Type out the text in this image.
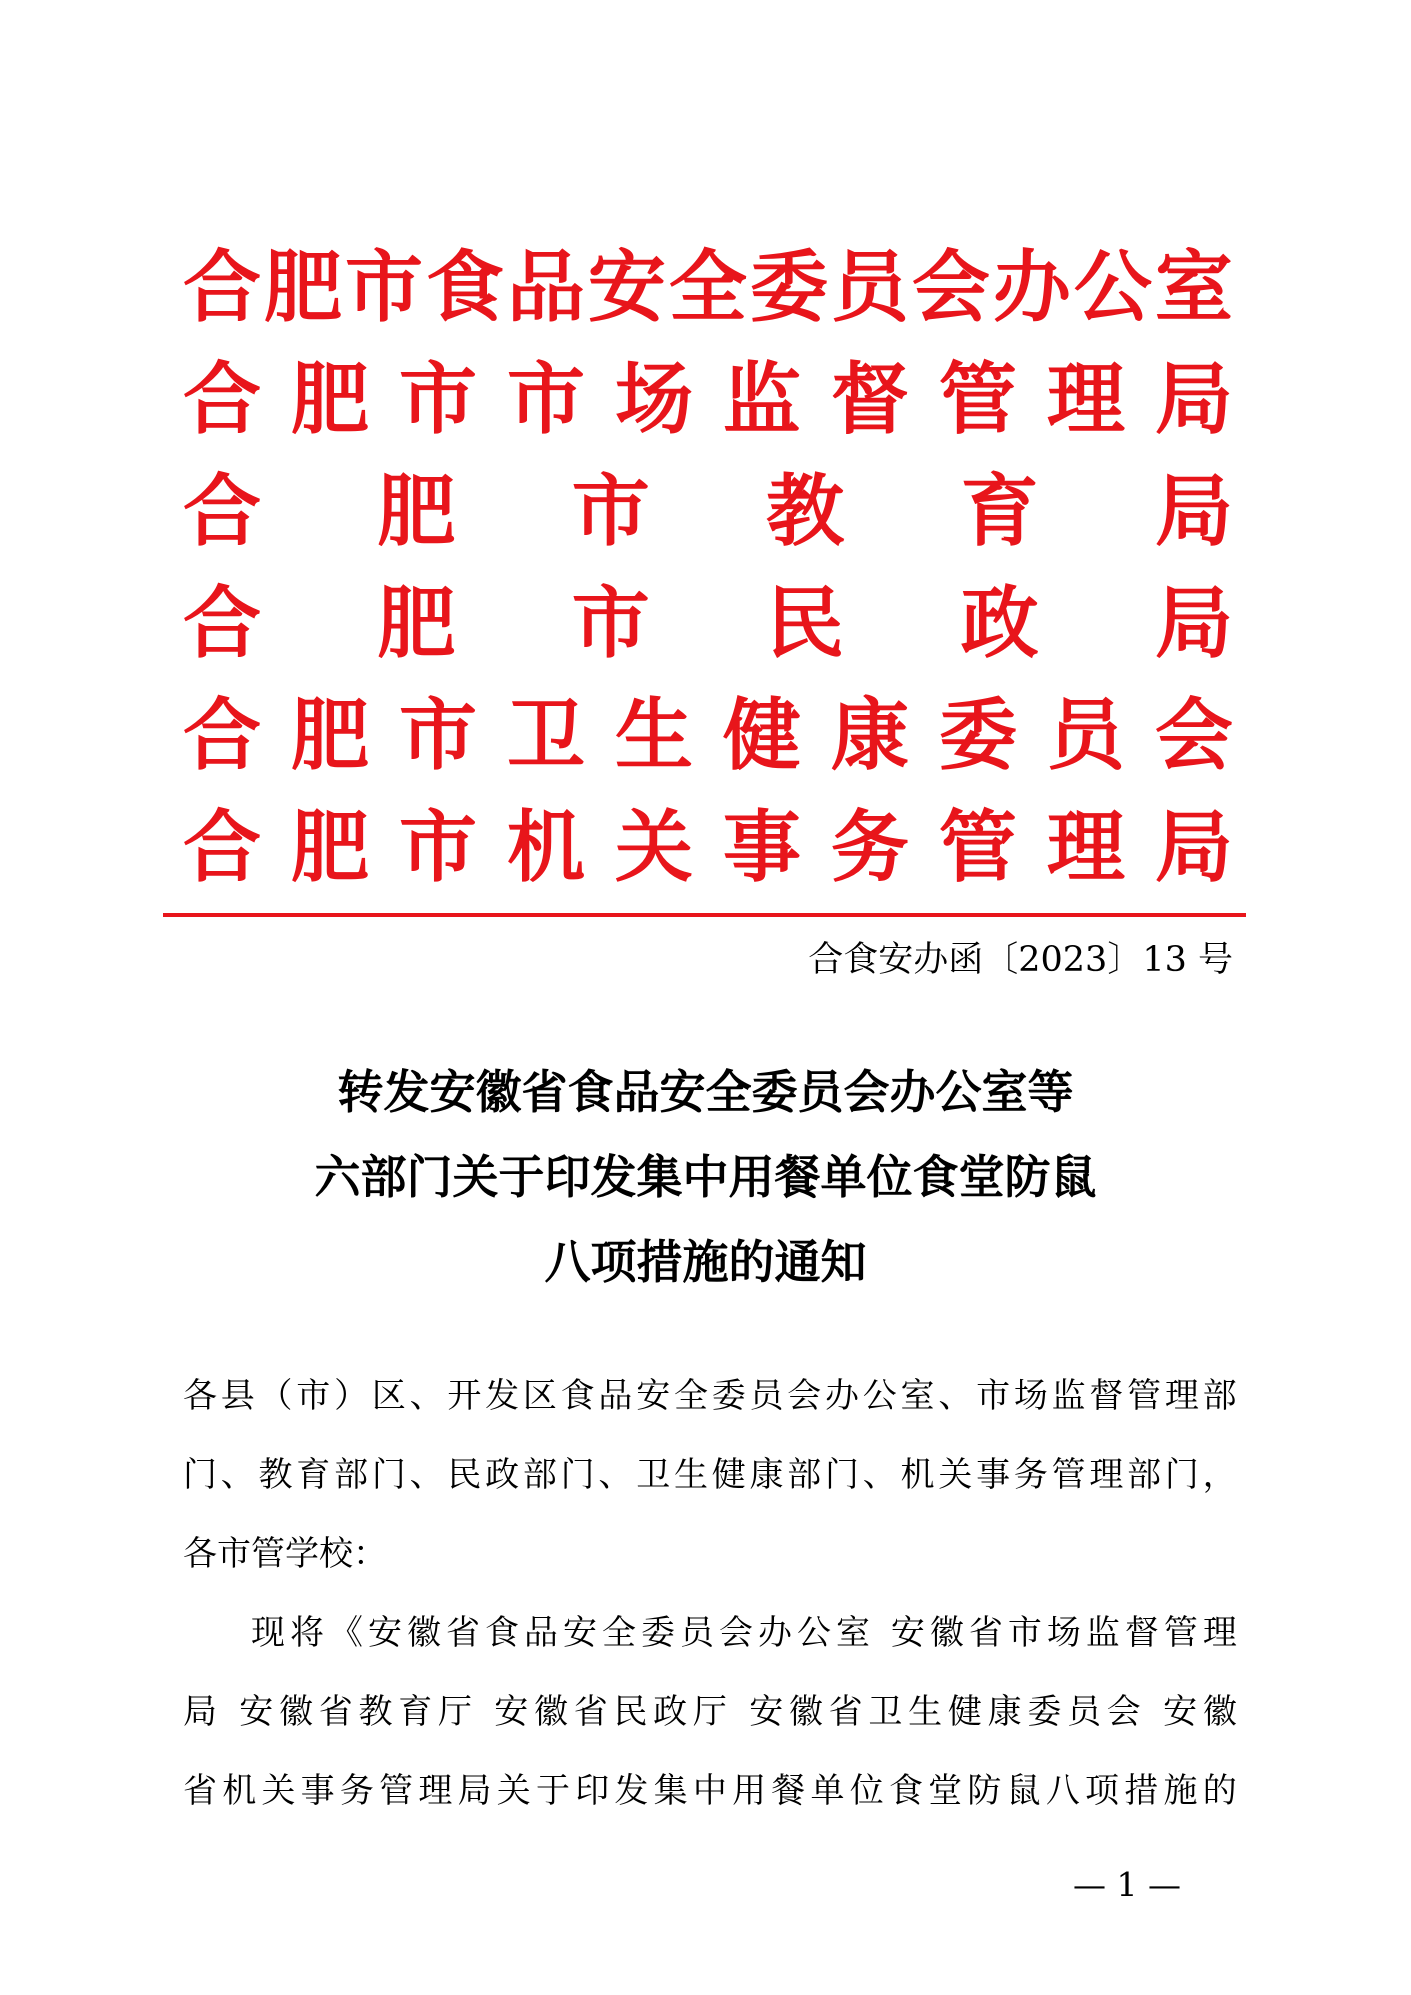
合 肥 市 食 品 安 全 委 员 会 办 公 室
合 肥 市 市 场 监 督 管 理 局
合 肥 市 教 育 局
合 肥 市 民 政 局
合 肥 市 卫 生 健 康 委 员 会
合 肥 市 机 关 事 务 管 理 局
合食安办函〔2023〕13 号
转发安徽省食品安全委员会办公室等
六部门关于印发集中用餐单位食堂防鼠
八项措施的通知
各 县 （ 市 ） 区 、 开 发 区 食 品 安 全 委 员 会 办 公 室 、 市 场 监 督 管 理 部
门 、 教 育 部 门 、 民 政 部 门 、 卫 生 健 康 部 门 、 机 关 事 务 管 理 部 门 ，
各市管学校：
现 将 《 安 徽 省 食 品 安 全 委 员 会 办 公 室
安 徽 省 市 场 监 督 管 理
局
安 徽 省 教 育 厅
安 徽 省 民 政 厅
安 徽 省 卫 生 健 康 委 员 会
安 徽
省 机 关 事 务 管 理 局 关 于 印 发 集 中 用 餐 单 位 食 堂 防 鼠 八 项 措 施 的
— 1 —
